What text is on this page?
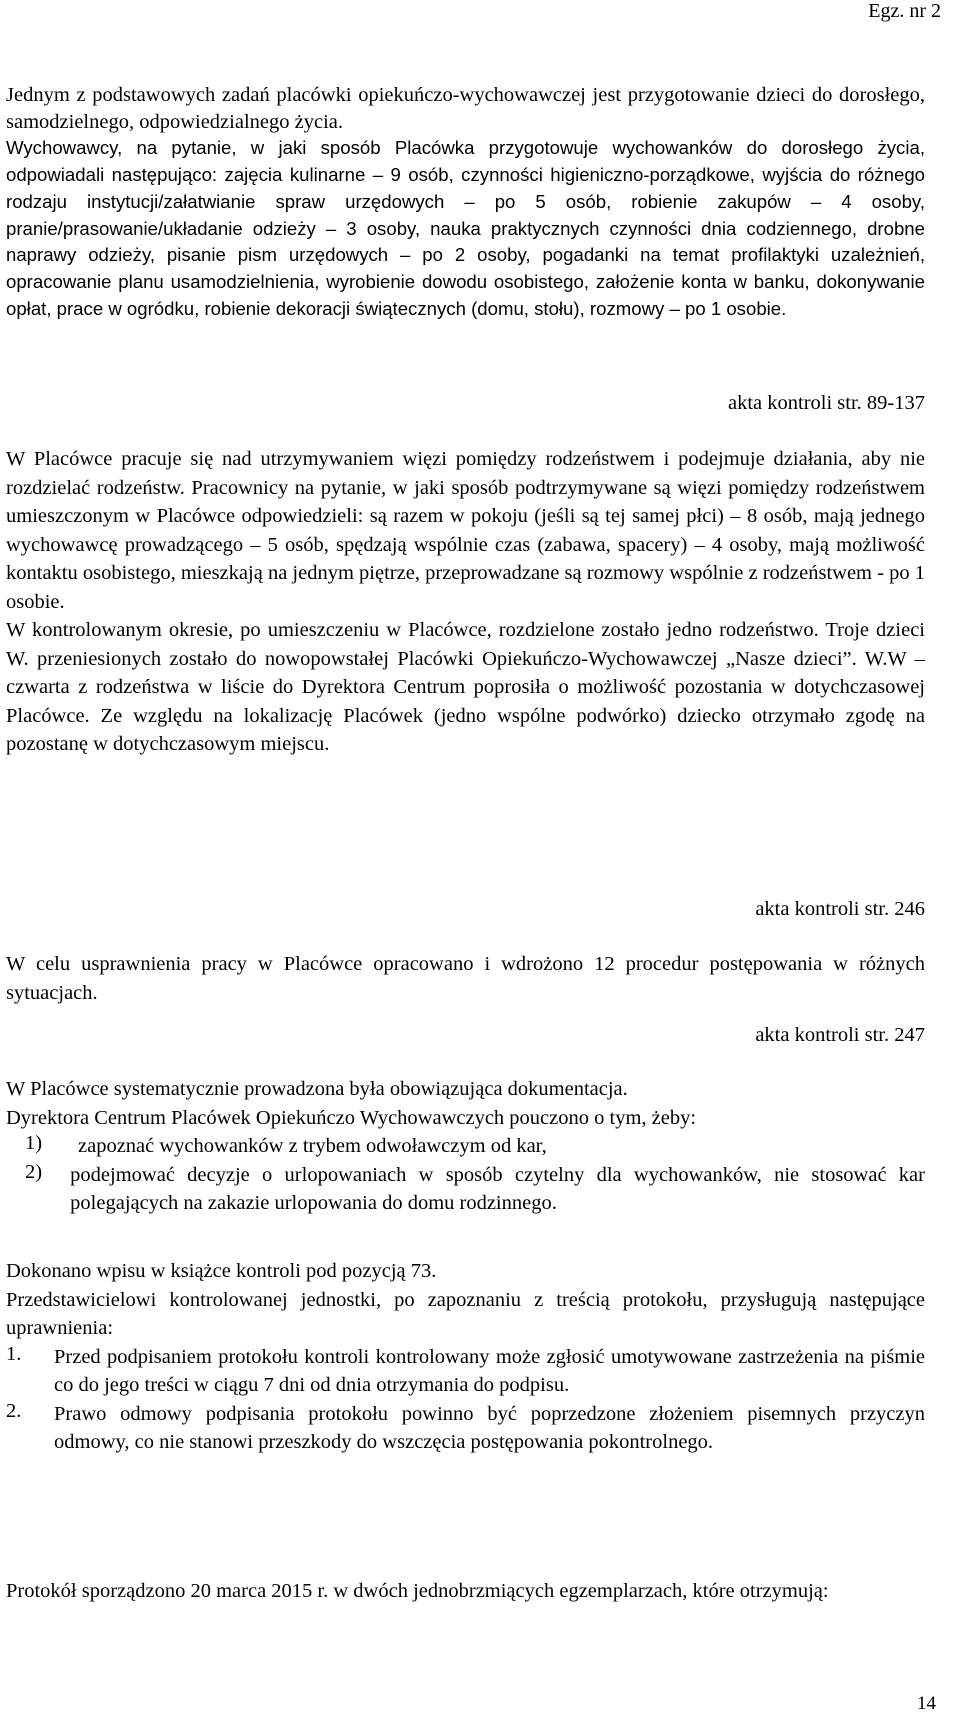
Egz. nr 2

Jednym z podstawowych zadań placówki opiekuńczo-wychowawczej jest przygotowanie dzieci do dorosłego, samodzielnego, odpowiedzialnego życia.

Wychowawcy, na pytanie, w jaki sposób Placówka przygotowuje wychowanków do dorosłego życia, odpowiadali następująco: zajęcia kulinarne – 9 osób, czynności higieniczno-porządkowe, wyjścia do różnego rodzaju instytucji/załatwianie spraw urzędowych – po 5 osób, robienie zakupów – 4 osoby, pranie/prasowanie/układanie odzieży – 3 osoby, nauka praktycznych czynności dnia codziennego, drobne naprawy odzieży, pisanie pism urzędowych – po 2 osoby, pogadanki na temat profilaktyki uzależnień, opracowanie planu usamodzielnienia, wyrobienie dowodu osobistego, założenie konta w banku, dokonywanie opłat, prace w ogródku, robienie dekoracji świątecznych (domu, stołu), rozmowy – po 1 osobie.

akta kontroli str. 89-137

W Placówce pracuje się nad utrzymywaniem więzi pomiędzy rodzeństwem i podejmuje działania, aby nie rozdzielać rodzeństw. Pracownicy na pytanie, w jaki sposób podtrzymywane są więzi pomiędzy rodzeństwem umieszczonym w Placówce odpowiedzieli: są razem w pokoju (jeśli są tej samej płci) – 8 osób, mają jednego wychowawcę prowadzącego – 5 osób, spędzają wspólnie czas (zabawa, spacery) – 4 osoby, mają możliwość kontaktu osobistego, mieszkają na jednym piętrze, przeprowadzane są rozmowy wspólnie z rodzeństwem - po 1 osobie.

W kontrolowanym okresie, po umieszczeniu w Placówce, rozdzielone zostało jedno rodzeństwo. Troje dzieci W. przeniesionych zostało do nowopowstałej Placówki Opiekuńczo-Wychowawczej „Nasze dzieci”. W.W – czwarta z rodzeństwa w liście do Dyrektora Centrum poprosiła o możliwość pozostania w dotychczasowej Placówce. Ze względu na lokalizację Placówek (jedno wspólne podwórko) dziecko otrzymało zgodę na pozostanę w dotychczasowym miejscu.

akta kontroli str. 246

W celu usprawnienia pracy w Placówce opracowano i wdrożono 12 procedur postępowania w różnych sytuacjach.

akta kontroli str. 247

W Placówce systematycznie prowadzona była obowiązująca dokumentacja.

Dyrektora Centrum Placówek Opiekuńczo Wychowawczych pouczono o tym, żeby:

1)	zapoznać wychowanków z trybem odwoławczym od kar,

2)	podejmować decyzje o urlopowaniach w sposób czytelny dla wychowanków, nie stosować kar polegających na zakazie urlopowania do domu rodzinnego.

Dokonano wpisu w książce kontroli pod pozycją 73.

Przedstawicielowi kontrolowanej jednostki, po zapoznaniu z treścią protokołu, przysługują następujące uprawnienia:

1.	Przed podpisaniem protokołu kontroli kontrolowany może zgłosić umotywowane zastrzeżenia na piśmie co do jego treści w ciągu 7 dni od dnia otrzymania do podpisu.

2.	Prawo odmowy podpisania protokołu powinno być poprzedzone złożeniem pisemnych przyczyn odmowy, co nie stanowi przeszkody do wszczęcia postępowania pokontrolnego.

Protokół sporządzono 20 marca 2015 r. w dwóch jednobrzmiących egzemplarzach, które otrzymują:

14
